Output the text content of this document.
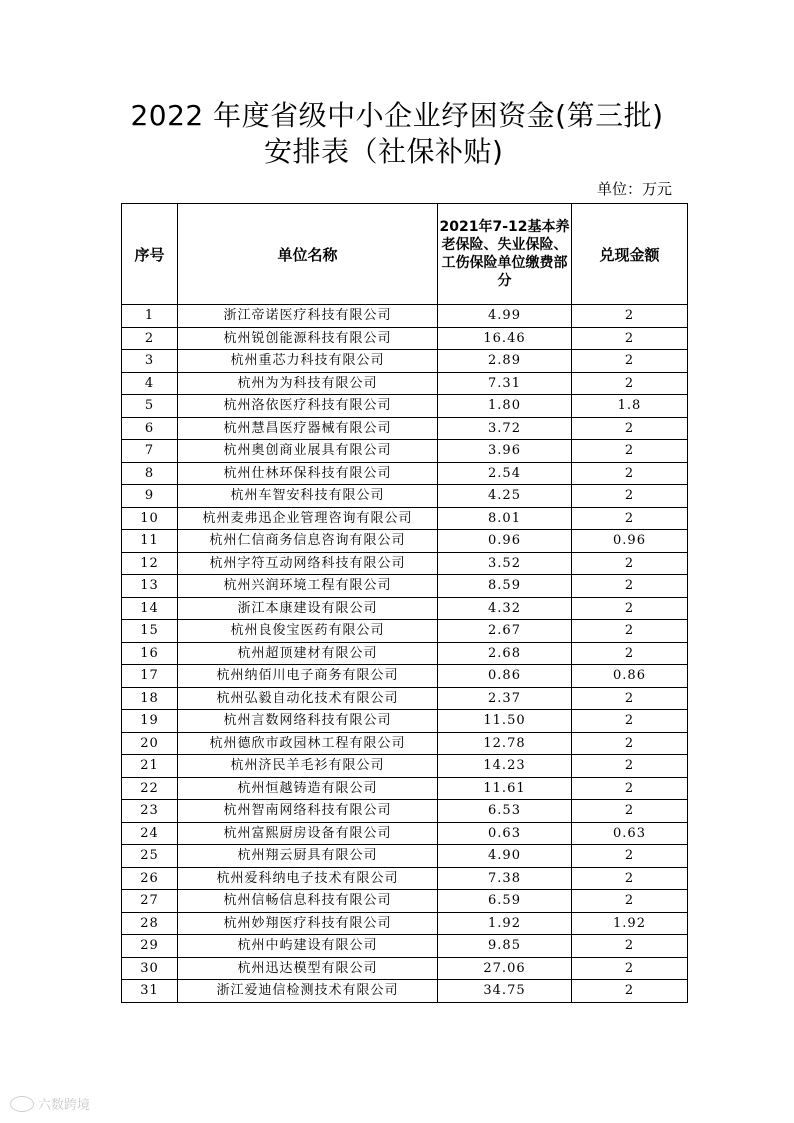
2022 年度省级中小企业纾困资金(第三批)
安排表（社保补贴)
单位：万元
序号	单位名称	2021年7-12基本养老保险、失业保险、工伤保险单位缴费部分	兑现金额
1	浙江帝诺医疗科技有限公司	4.99	2
2	杭州锐创能源科技有限公司	16.46	2
3	杭州重芯力科技有限公司	2.89	2
4	杭州为为科技有限公司	7.31	2
5	杭州洛依医疗科技有限公司	1.80	1.8
6	杭州慧昌医疗器械有限公司	3.72	2
7	杭州奥创商业展具有限公司	3.96	2
8	杭州仕林环保科技有限公司	2.54	2
9	杭州车智安科技有限公司	4.25	2
10	杭州麦弗迅企业管理咨询有限公司	8.01	2
11	杭州仁信商务信息咨询有限公司	0.96	0.96
12	杭州字符互动网络科技有限公司	3.52	2
13	杭州兴润环境工程有限公司	8.59	2
14	浙江本康建设有限公司	4.32	2
15	杭州良俊宝医药有限公司	2.67	2
16	杭州超顶建材有限公司	2.68	2
17	杭州纳佰川电子商务有限公司	0.86	0.86
18	杭州弘毅自动化技术有限公司	2.37	2
19	杭州言数网络科技有限公司	11.50	2
20	杭州德欣市政园林工程有限公司	12.78	2
21	杭州济民羊毛衫有限公司	14.23	2
22	杭州恒越铸造有限公司	11.61	2
23	杭州智南网络科技有限公司	6.53	2
24	杭州富熙厨房设备有限公司	0.63	0.63
25	杭州翔云厨具有限公司	4.90	2
26	杭州爱科纳电子技术有限公司	7.38	2
27	杭州信畅信息科技有限公司	6.59	2
28	杭州妙翔医疗科技有限公司	1.92	1.92
29	杭州中屿建设有限公司	9.85	2
30	杭州迅达模型有限公司	27.06	2
31	浙江爱迪信检测技术有限公司	34.75	2
六数跨境
